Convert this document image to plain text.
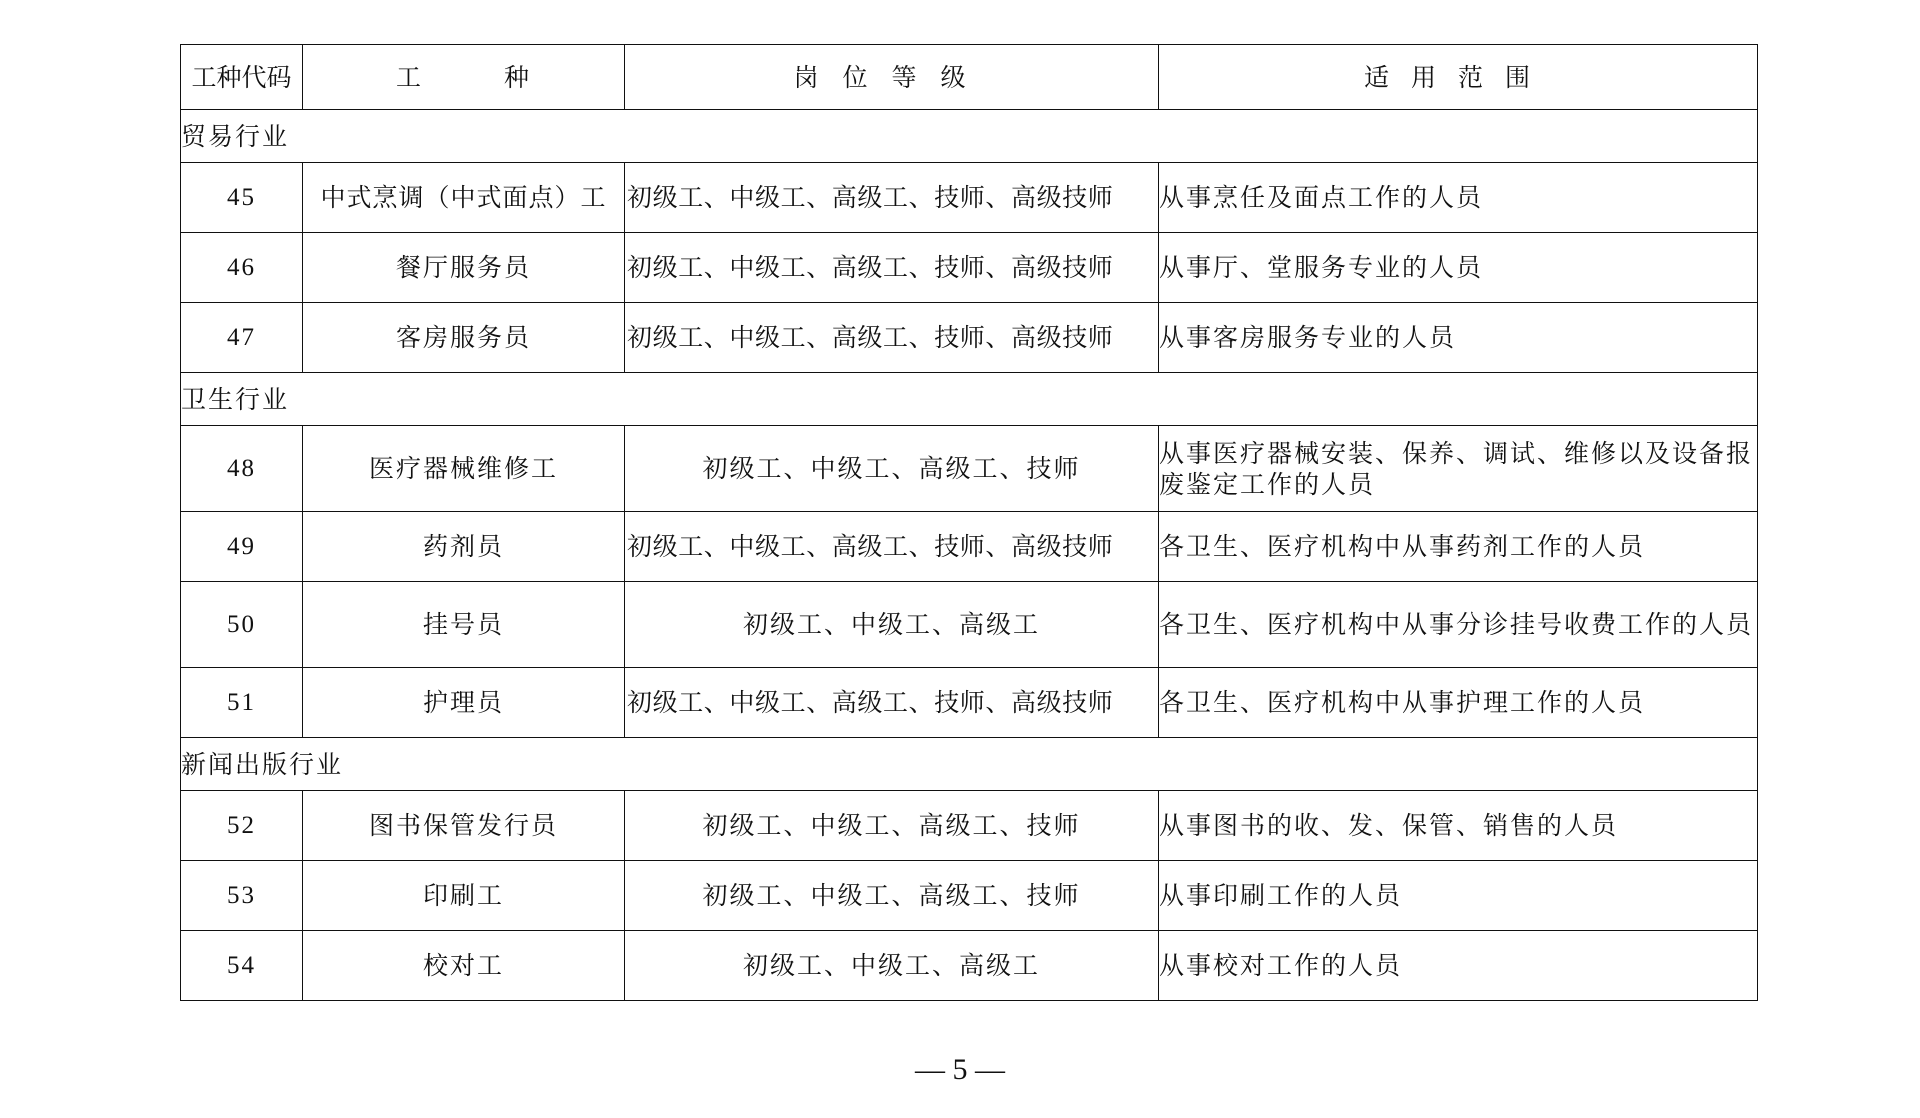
工种代码	工　　　种	岗位等级	适用范围
贸易行业			
45	中式烹调（中式面点）工	初级工、中级工、高级工、技师、高级技师	从事烹任及面点工作的人员
46	餐厅服务员	初级工、中级工、高级工、技师、高级技师	从事厅、堂服务专业的人员
47	客房服务员	初级工、中级工、高级工、技师、高级技师	从事客房服务专业的人员
卫生行业			
48	医疗器械维修工	初级工、中级工、高级工、技师	从事医疗器械安装、保养、调试、维修以及设备报废鉴定工作的人员
49	药剂员	初级工、中级工、高级工、技师、高级技师	各卫生、医疗机构中从事药剂工作的人员
50	挂号员	初级工、中级工、高级工	各卫生、医疗机构中从事分诊挂号收费工作的人员
51	护理员	初级工、中级工、高级工、技师、高级技师	各卫生、医疗机构中从事护理工作的人员
新闻出版行业			
52	图书保管发行员	初级工、中级工、高级工、技师	从事图书的收、发、保管、销售的人员
53	印刷工	初级工、中级工、高级工、技师	从事印刷工作的人员
54	校对工	初级工、中级工、高级工	从事校对工作的人员
— 5 —
